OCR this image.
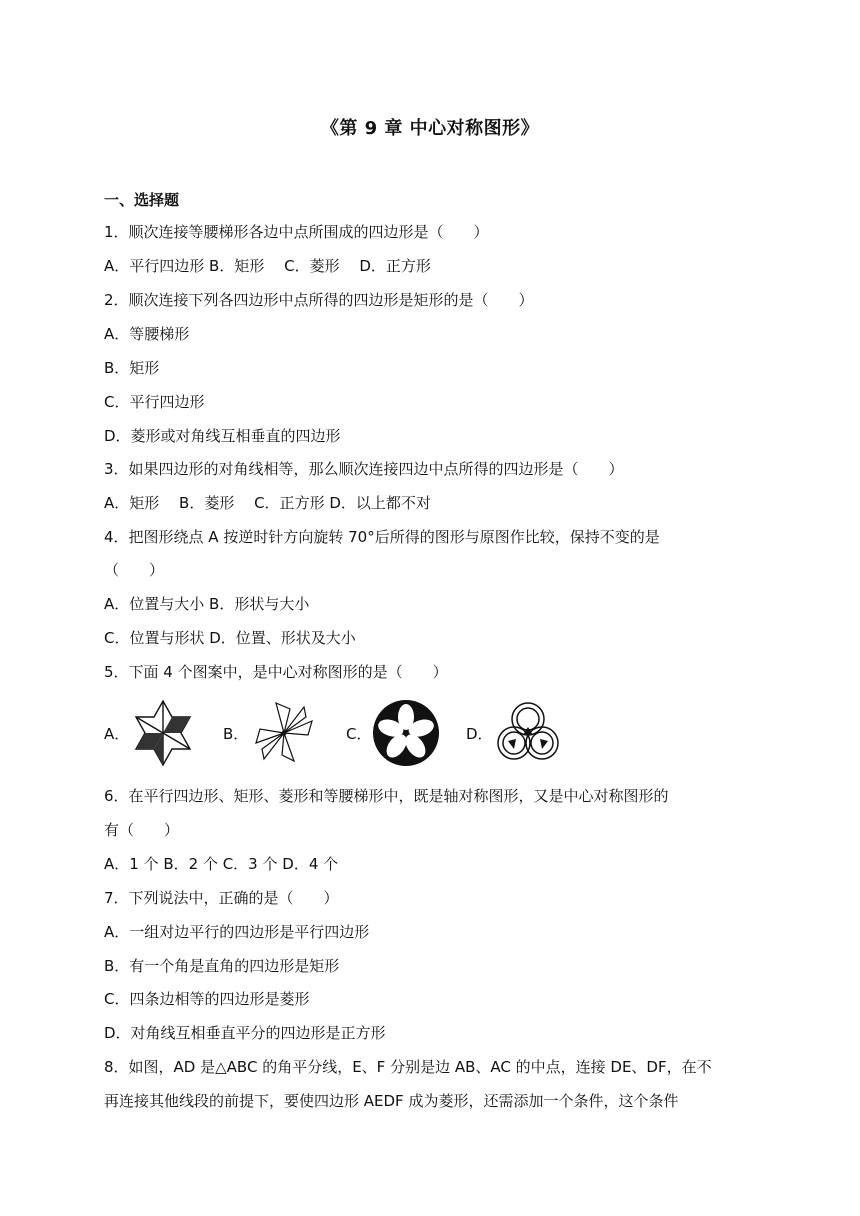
《第 9 章 中心对称图形》
一、选择题
1．顺次连接等腰梯形各边中点所围成的四边形是（　　）
A．平行四边形 B．矩形　 C．菱形　 D．正方形
2．顺次连接下列各四边形中点所得的四边形是矩形的是（　　）
A．等腰梯形
B．矩形
C．平行四边形
D．菱形或对角线互相垂直的四边形
3．如果四边形的对角线相等，那么顺次连接四边中点所得的四边形是（　　）
A．矩形　 B．菱形　 C．正方形 D．以上都不对
4．把图形绕点 A 按逆时针方向旋转 70°后所得的图形与原图作比较，保持不变的是
（　　）
A．位置与大小 B．形状与大小
C．位置与形状 D．位置、形状及大小
5．下面 4 个图案中，是中心对称图形的是（　　）
A．	B．	C．	D．
6．在平行四边形、矩形、菱形和等腰梯形中，既是轴对称图形，又是中心对称图形的
有（　　）
A．1 个 B．2 个 C．3 个 D．4 个
7．下列说法中，正确的是（　　）
A．一组对边平行的四边形是平行四边形
B．有一个角是直角的四边形是矩形
C．四条边相等的四边形是菱形
D．对角线互相垂直平分的四边形是正方形
8．如图，AD 是△ABC 的角平分线，E、F 分别是边 AB、AC 的中点，连接 DE、DF，在不
再连接其他线段的前提下，要使四边形 AEDF 成为菱形，还需添加一个条件，这个条件
